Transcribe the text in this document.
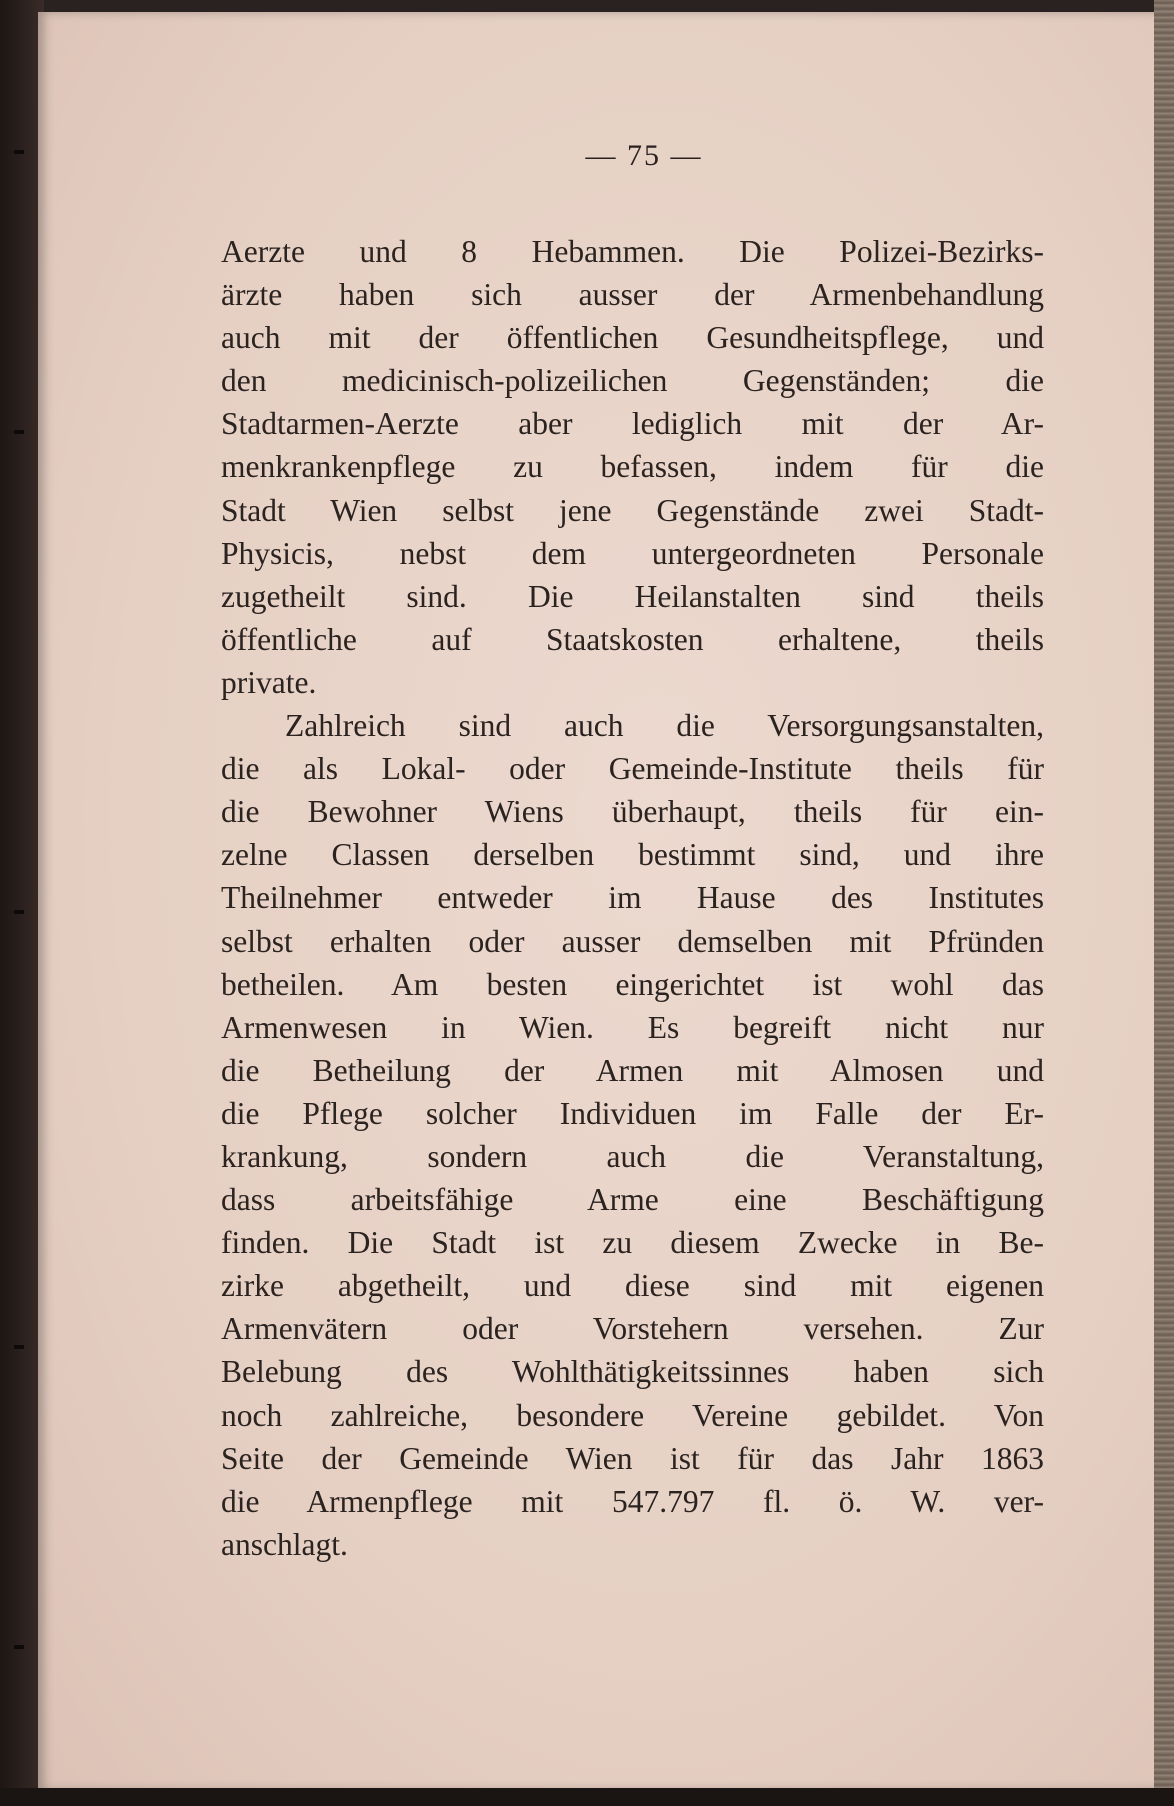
— 75 —
Aerzte und 8 Hebammen. Die Polizei-Bezirks-
ärzte haben sich ausser der Armenbehandlung
auch mit der öffentlichen Gesundheitspflege, und
den medicinisch-polizeilichen Gegenständen; die
Stadtarmen-Aerzte aber lediglich mit der Ar-
menkrankenpflege zu befassen, indem für die
Stadt Wien selbst jene Gegenstände zwei Stadt-
Physicis, nebst dem untergeordneten Personale
zugetheilt sind. Die Heilanstalten sind theils
öffentliche auf Staatskosten erhaltene, theils
private.
Zahlreich sind auch die Versorgungsanstalten,
die als Lokal- oder Gemeinde-Institute theils für
die Bewohner Wiens überhaupt, theils für ein-
zelne Classen derselben bestimmt sind, und ihre
Theilnehmer entweder im Hause des Institutes
selbst erhalten oder ausser demselben mit Pfründen
betheilen. Am besten eingerichtet ist wohl das
Armenwesen in Wien. Es begreift nicht nur
die Betheilung der Armen mit Almosen und
die Pflege solcher Individuen im Falle der Er-
krankung, sondern auch die Veranstaltung,
dass arbeitsfähige Arme eine Beschäftigung
finden. Die Stadt ist zu diesem Zwecke in Be-
zirke abgetheilt, und diese sind mit eigenen
Armenvätern oder Vorstehern versehen. Zur
Belebung des Wohlthätigkeitssinnes haben sich
noch zahlreiche, besondere Vereine gebildet. Von
Seite der Gemeinde Wien ist für das Jahr 1863
die Armenpflege mit 547.797 fl. ö. W. ver-
anschlagt.
